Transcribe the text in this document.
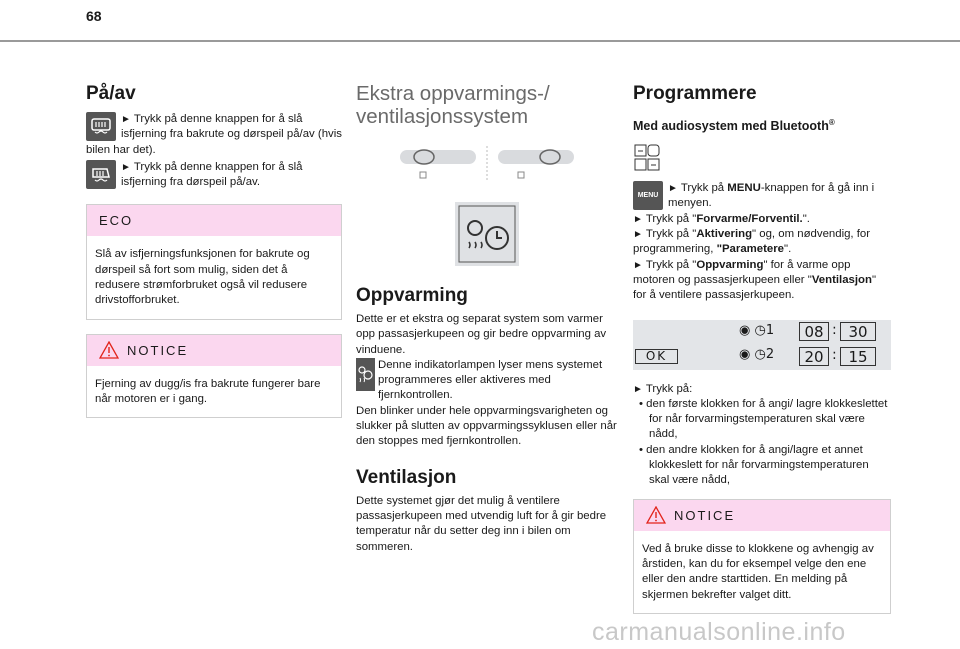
68
På/av
► Trykk på denne knappen for å slå isfjerning fra bakrute og dørspeil på/av (hvis bilen har det).
► Trykk på denne knappen for å slå isfjerning fra dørspeil på/av.
ECO
Slå av isfjerningsfunksjonen for bakrute og dørspeil så fort som mulig, siden det å redusere strømforbruket også vil redusere drivstofforbruket.
NOTICE
Fjerning av dugg/is fra bakrute fungerer bare når motoren er i gang.
Ekstra oppvarmings-/
ventilasjonssystem
Oppvarming
Dette er et ekstra og separat system som varmer opp passasjerkupeen og gir bedre oppvarming av vinduene.
Denne indikatorlampen lyser mens systemet programmeres eller aktiveres med fjernkontrollen.
Den blinker under hele oppvarmingsvarigheten og slukker på slutten av oppvarmingssyklusen eller når den stoppes med fjernkontrollen.
Ventilasjon
Dette systemet gjør det mulig å ventilere passasjerkupeen med utvendig luft for å gir bedre temperatur når du setter deg inn i bilen om sommeren.
Programmere
Med audiosystem med Bluetooth®
MENU
► Trykk på MENU-knappen for å gå inn i menyen.
► Trykk på "Forvarme/Forventil.".
► Trykk på "Aktivering" og, om nødvendig, for programmering, "Parametere".
► Trykk på "Oppvarming" for å varme opp motoren og passasjerkupeen eller "Ventilasjon" for å ventilere passasjerkupeen.
OK
◉ ◷1	08 : 30
◉ ◷2	20 : 15
► Trykk på:
• den første klokken for å angi/ lagre klokkeslettet for når forvarmingstemperaturen skal være nådd,
• den andre klokken for å angi/lagre et annet klokkeslett for når forvarmingstemperaturen skal være nådd,
NOTICE
Ved å bruke disse to klokkene og avhengig av årstiden, kan du for eksempel velge den ene eller den andre starttiden. En melding på skjermen bekrefter valget ditt.
carmanualsonline.info
